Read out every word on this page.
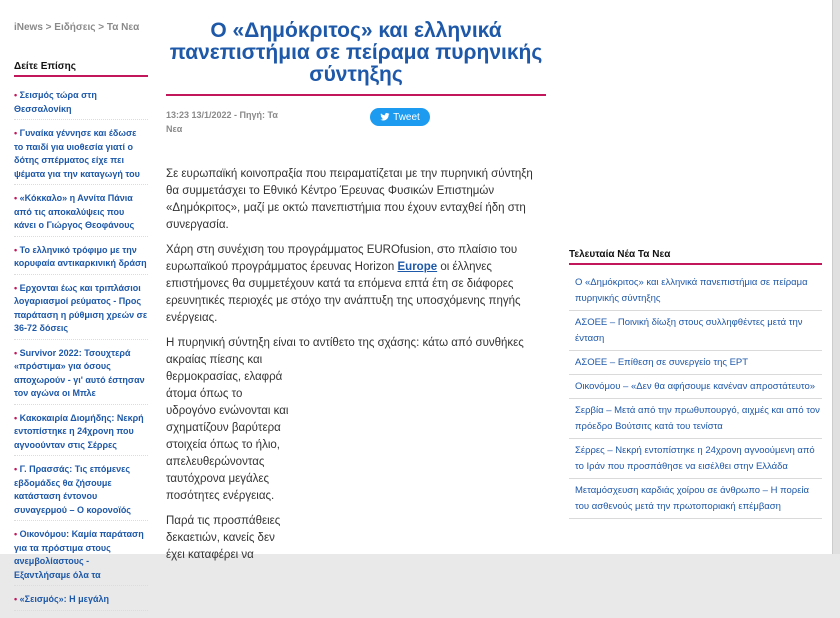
iNews > Ειδήσεις > Τα Νεα
Δείτε Επίσης
• Σεισμός τώρα στη Θεσσαλονίκη
• Γυναίκα γέννησε και έδωσε το παιδί για υιοθεσία γιατί ο δότης σπέρματος είχε πει ψέματα για την καταγωγή του
• «Κόκκαλο» η Αννίτα Πάνια από τις αποκαλύψεις που κάνει ο Γιώργος Θεοφάνους
• Το ελληνικό τρόφιμο με την κορυφαία αντικαρκινική δράση
• Ερχονται έως και τριπλάσιοι λογαριασμοί ρεύματος - Προς παράταση η ρύθμιση χρεών σε 36-72 δόσεις
• Survivor 2022: Τσουχτερά «πρόστιμα» για όσους αποχωρούν - γι' αυτό έστησαν τον αγώνα οι Μπλε
• Κακοκαιρία Διομήδης: Νεκρή εντοπίστηκε η 24χρονη που αγνοούνταν στις Σέρρες
• Γ. Πρασσάς: Τις επόμενες εβδομάδες θα ζήσουμε κατάσταση έντονου συναγερμού – Ο κορονοϊός
• Οικονόμου: Καμία παράταση για τα πρόστιμα στους ανεμβολίαστους - Εξαντλήσαμε όλα τα
• «Σεισμός»: Η μεγάλη
Ο «Δημόκριτος» και ελληνικά πανεπιστήμια σε πείραμα πυρηνικής σύντηξης
13:23 13/1/2022 - Πηγή: Τα Νεα
Tweet

Σε ευρωπαϊκή κοινοπραξία που πειραματίζεται με την πυρηνική σύντηξη θα συμμετάσχει το Εθνικό Κέντρο Έρευνας Φυσικών Επιστημών «Δημόκριτος», μαζί με οκτώ πανεπιστήμια που έχουν ενταχθεί ήδη στη συνεργασία.

Χάρη στη συνέχιση του προγράμματος EUROfusion, στο πλαίσιο του ευρωπαϊκού προγράμματος έρευνας Horizon Europe οι έλληνες επιστήμονες θα συμμετέχουν κατά τα επόμενα επτά έτη σε διάφορες ερευνητικές περιοχές με στόχο την ανάπτυξη της υποσχόμενης πηγής ενέργειας.

Η πυρηνική σύντηξη είναι το αντίθετο της σχάσης: κάτω από συνθήκες
ακραίας πίεσης και θερμοκρασίας, ελαφρά άτομα όπως το υδρογόνο ενώνονται και σχηματίζουν βαρύτερα στοιχεία όπως το ήλιο, απελευθερώνοντας ταυτόχρονα μεγάλες ποσότητες ενέργειας.

Παρά τις προσπάθειες δεκαετιών, κανείς δεν έχει καταφέρει να

Τελευταία Νέα Τα Νεα
Ο «Δημόκριτος» και ελληνικά πανεπιστήμια σε πείραμα πυρηνικής σύντηξης
ΑΣΟΕΕ – Ποινική δίωξη στους συλληφθέντες μετά την ένταση
ΑΣΟΕΕ – Επίθεση σε συνεργείο της ΕΡΤ
Οικονόμου – «Δεν θα αφήσουμε κανέναν απροστάτευτο»
Σερβία – Μετά από την πρωθυπουργό, αιχμές και από τον πρόεδρο Βούτσιτς κατά του τενίστα
Σέρρες – Νεκρή εντοπίστηκε η 24χρονη αγνοούμενη από το Ιράν που προσπάθησε να εισέλθει στην Ελλάδα
Μεταμόσχευση καρδιάς χοίρου σε άνθρωπο – Η πορεία του ασθενούς μετά την πρωτοποριακή επέμβαση
